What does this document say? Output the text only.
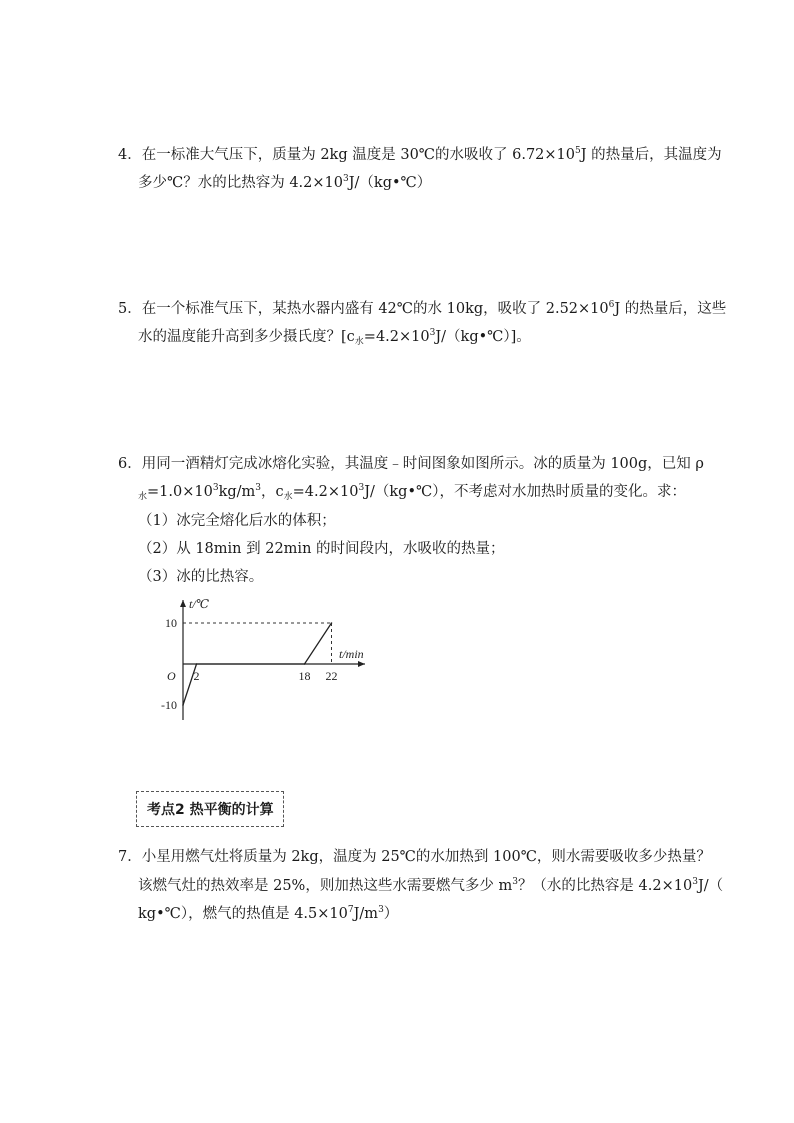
4．在一标准大气压下，质量为 2kg 温度是 30℃的水吸收了 $6.72\times 10^5J$ 的热量后，其温度为
多少℃？水的比热容为 $4.2\times 10^3J/(kg•℃)$
5．在一个标准气压下，某热水器内盛有 42℃的水 10kg，吸收了 $2.52\times 10^6J$ 的热量后，这些
水的温度能升高到多少摄氏度？$[c_水=4.2\times 10^3J/(kg•℃)]$。
6．用同一酒精灯完成冰熔化实验，其温度﹣时间图象如图所示。冰的质量为 100g，已知 ρ
$_水=1.0\times 10^3kg/m^3$，$c_水=4.2\times 10^3J/(kg•℃)$，不考虑对水加热时质量的变化。求：
（1）冰完全熔化后水的体积；
（2）从 18min 到 22min 的时间段内，水吸收的热量；
（3）冰的比热容。
t/℃
t/min
O 2	18 22
10
-10
考点2 热平衡的计算
7．小星用燃气灶将质量为 2kg，温度为 25℃的水加热到 100℃，则水需要吸收多少热量？
该燃气灶的热效率是 25%，则加热这些水需要燃气多少 $m^3$？（水的比热容是 $4.2\times 10^3J/$（
kg•℃），燃气的热值是 $4.5\times 10^7J/m^3$）
